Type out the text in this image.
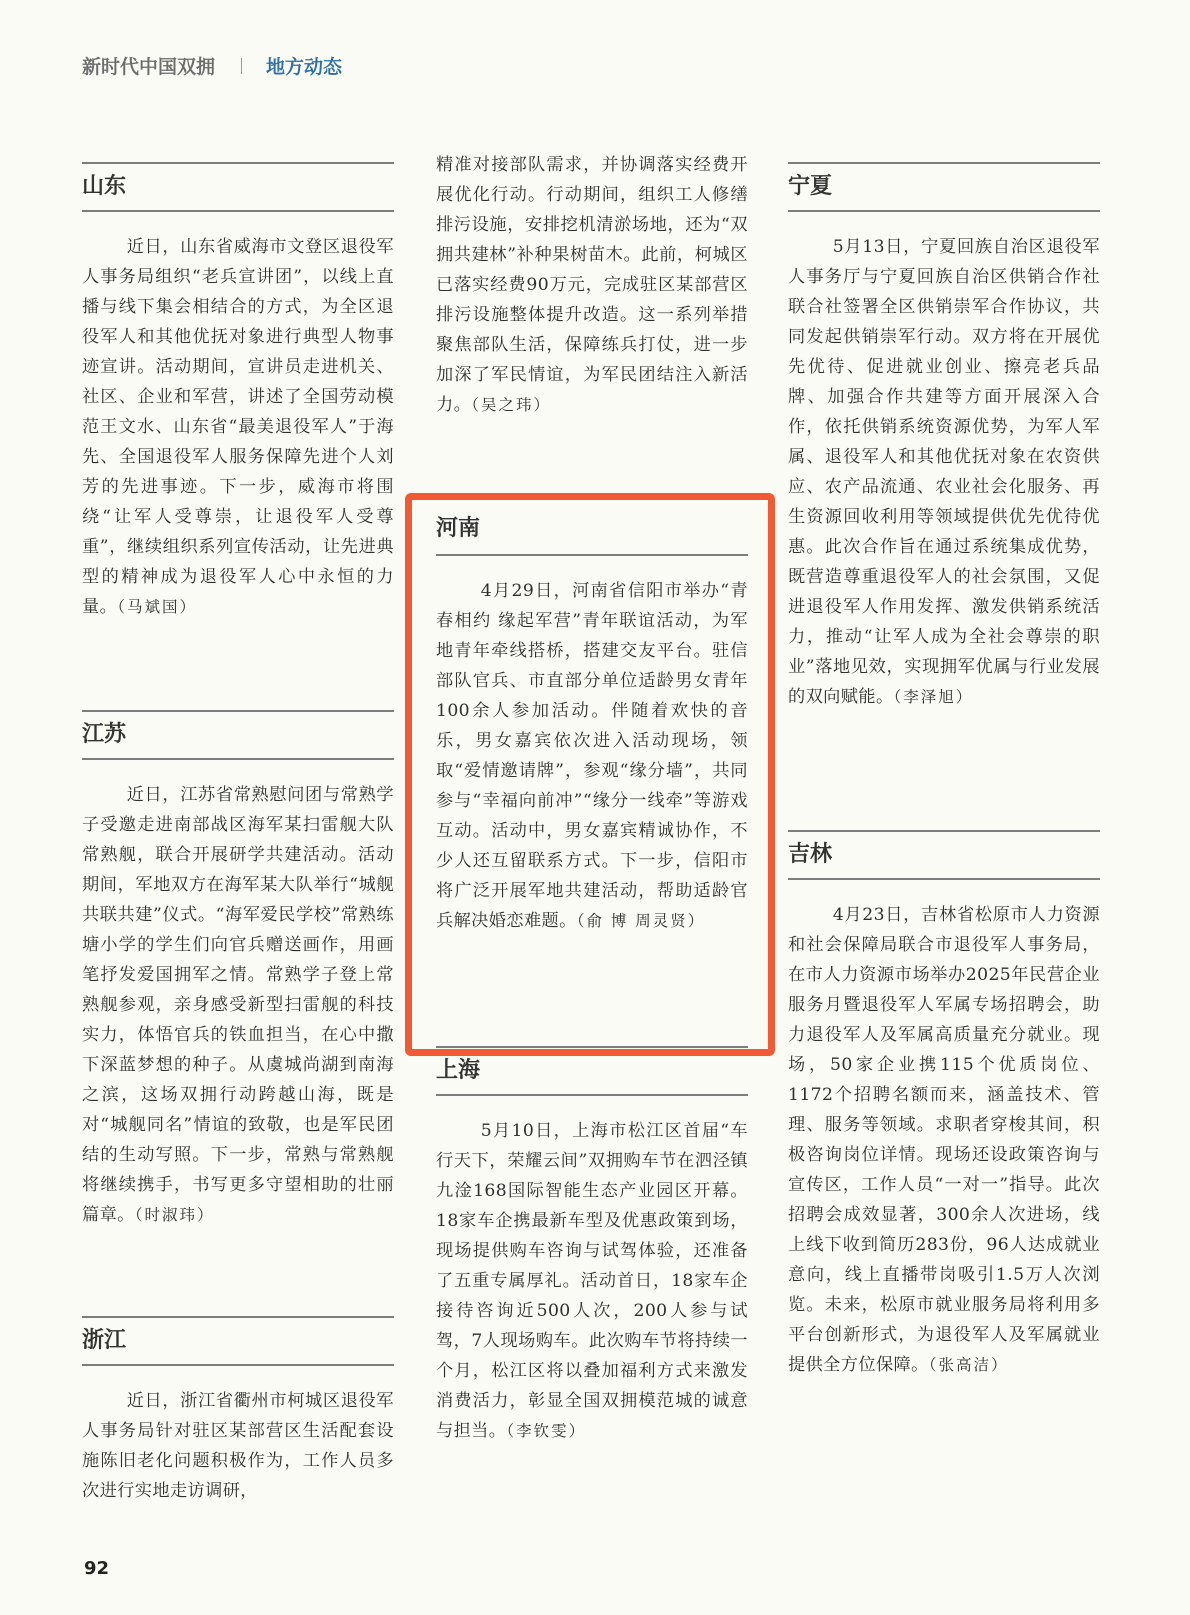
新时代中国双拥	地方动态
山东

近日，山东省威海市文登区退役军人事务局组织“老兵宣讲团”，以线上直播与线下集会相结合的方式，为全区退役军人和其他优抚对象进行典型人物事迹宣讲。活动期间，宣讲员走进机关、社区、企业和军营，讲述了全国劳动模范王文水、山东省“最美退役军人”于海先、全国退役军人服务保障先进个人刘芳的先进事迹。下一步，威海市将围绕“让军人受尊崇，让退役军人受尊重”，继续组织系列宣传活动，让先进典型的精神成为退役军人心中永恒的力量。（马斌国）

江苏

近日，江苏省常熟慰问团与常熟学子受邀走进南部战区海军某扫雷舰大队常熟舰，联合开展研学共建活动。活动期间，军地双方在海军某大队举行“城舰共联共建”仪式。“海军爱民学校”常熟练塘小学的学生们向官兵赠送画作，用画笔抒发爱国拥军之情。常熟学子登上常熟舰参观，亲身感受新型扫雷舰的科技实力，体悟官兵的铁血担当，在心中撒下深蓝梦想的种子。从虞城尚湖到南海之滨，这场双拥行动跨越山海，既是对“城舰同名”情谊的致敬，也是军民团结的生动写照。下一步，常熟与常熟舰将继续携手，书写更多守望相助的壮丽篇章。（时淑玮）

浙江

近日，浙江省衢州市柯城区退役军人事务局针对驻区某部营区生活配套设施陈旧老化问题积极作为，工作人员多次进行实地走访调研，

精准对接部队需求，并协调落实经费开展优化行动。行动期间，组织工人修缮排污设施，安排挖机清淤场地，还为“双拥共建林”补种果树苗木。此前，柯城区已落实经费90万元，完成驻区某部营区排污设施整体提升改造。这一系列举措聚焦部队生活，保障练兵打仗，进一步加深了军民情谊，为军民团结注入新活力。（吴之玮）

河南

4月29日，河南省信阳市举办“青春相约 缘起军营”青年联谊活动，为军地青年牵线搭桥，搭建交友平台。驻信部队官兵、市直部分单位适龄男女青年100余人参加活动。伴随着欢快的音乐，男女嘉宾依次进入活动现场，领取“爱情邀请牌”，参观“缘分墙”，共同参与“幸福向前冲”“缘分一线牵”等游戏互动。活动中，男女嘉宾精诚协作，不少人还互留联系方式。下一步，信阳市将广泛开展军地共建活动，帮助适龄官兵解决婚恋难题。（俞 博 周灵贤）

上海

5月10日，上海市松江区首届“车行天下，荣耀云间”双拥购车节在泗泾镇九淦168国际智能生态产业园区开幕。18家车企携最新车型及优惠政策到场，现场提供购车咨询与试驾体验，还准备了五重专属厚礼。活动首日，18家车企接待咨询近500人次，200人参与试驾，7人现场购车。此次购车节将持续一个月，松江区将以叠加福利方式来激发消费活力，彰显全国双拥模范城的诚意与担当。（李钦雯）

宁夏

5月13日，宁夏回族自治区退役军人事务厅与宁夏回族自治区供销合作社联合社签署全区供销崇军合作协议，共同发起供销崇军行动。双方将在开展优先优待、促进就业创业、擦亮老兵品牌、加强合作共建等方面开展深入合作，依托供销系统资源优势，为军人军属、退役军人和其他优抚对象在农资供应、农产品流通、农业社会化服务、再生资源回收利用等领域提供优先优待优惠。此次合作旨在通过系统集成优势，既营造尊重退役军人的社会氛围，又促进退役军人作用发挥、激发供销系统活力，推动“让军人成为全社会尊崇的职业”落地见效，实现拥军优属与行业发展的双向赋能。（李泽旭）

吉林

4月23日，吉林省松原市人力资源和社会保障局联合市退役军人事务局，在市人力资源市场举办2025年民营企业服务月暨退役军人军属专场招聘会，助力退役军人及军属高质量充分就业。现场，50家企业携115个优质岗位、1172个招聘名额而来，涵盖技术、管理、服务等领域。求职者穿梭其间，积极咨询岗位详情。现场还设政策咨询与宣传区，工作人员“一对一”指导。此次招聘会成效显著，300余人次进场，线上线下收到简历283份，96人达成就业意向，线上直播带岗吸引1.5万人次浏览。未来，松原市就业服务局将利用多平台创新形式，为退役军人及军属就业提供全方位保障。（张高洁）

92
